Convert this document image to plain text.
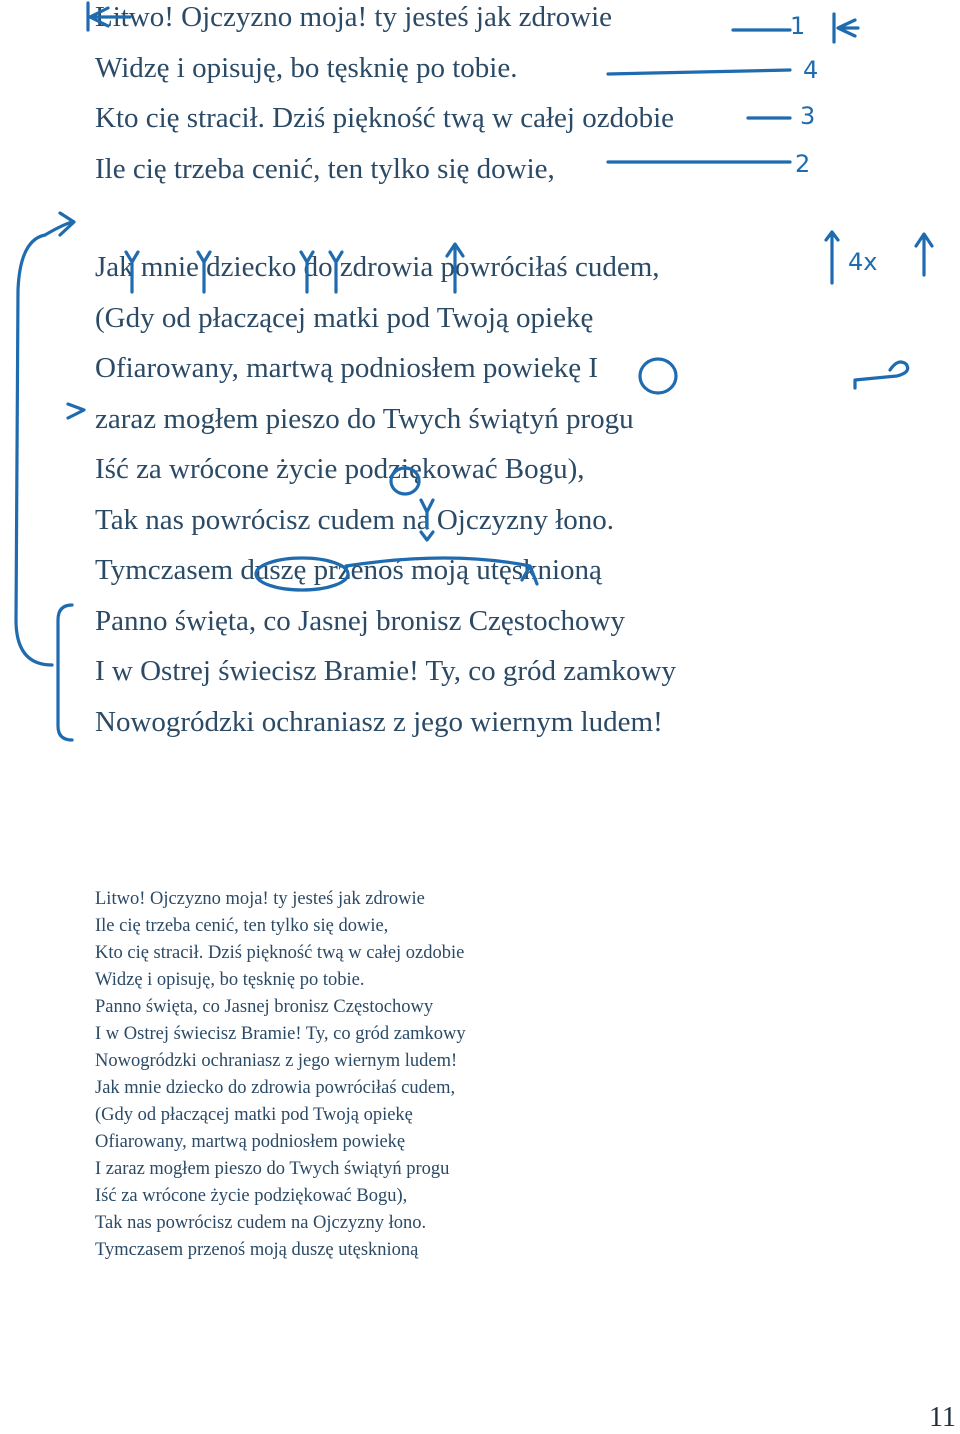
Litwo! Ojczyzno moja! ty jesteś jak zdrowie
Widzę i opisuję, bo tęsknię po tobie.
Kto cię stracił. Dziś piękność twą w całej ozdobie
Ile cię trzeba cenić, ten tylko się dowie,
Jak mnie dziecko do zdrowia powróciłaś cudem,
(Gdy od płaczącej matki pod Twoją opiekę
Ofiarowany, martwą podniosłem powiekę I
zaraz mogłem pieszo do Twych świątyń progu
Iść za wrócone życie podziękować Bogu),
Tak nas powrócisz cudem na Ojczyzny łono.
Tymczasem duszę przenoś moją utęsknioną
Panno święta, co Jasnej bronisz Częstochowy
I w Ostrej świecisz Bramie! Ty, co gród zamkowy
Nowogródzki ochraniasz z jego wiernym ludem!
Litwo! Ojczyzno moja! ty jesteś jak zdrowie
Ile cię trzeba cenić, ten tylko się dowie,
Kto cię stracił. Dziś piękność twą w całej ozdobie
Widzę i opisuję, bo tęsknię po tobie.
Panno święta, co Jasnej bronisz Częstochowy
I w Ostrej świecisz Bramie! Ty, co gród zamkowy
Nowogródzki ochraniasz z jego wiernym ludem!
Jak mnie dziecko do zdrowia powróciłaś cudem,
(Gdy od płaczącej matki pod Twoją opiekę
Ofiarowany, martwą podniosłem powiekę
I zaraz mogłem pieszo do Twych świątyń progu
Iść za wrócone życie podziękować Bogu),
Tak nas powrócisz cudem na Ojczyzny łono.
Tymczasem przenoś moją duszę utęsknioną
11
1
4
3
2
4x
